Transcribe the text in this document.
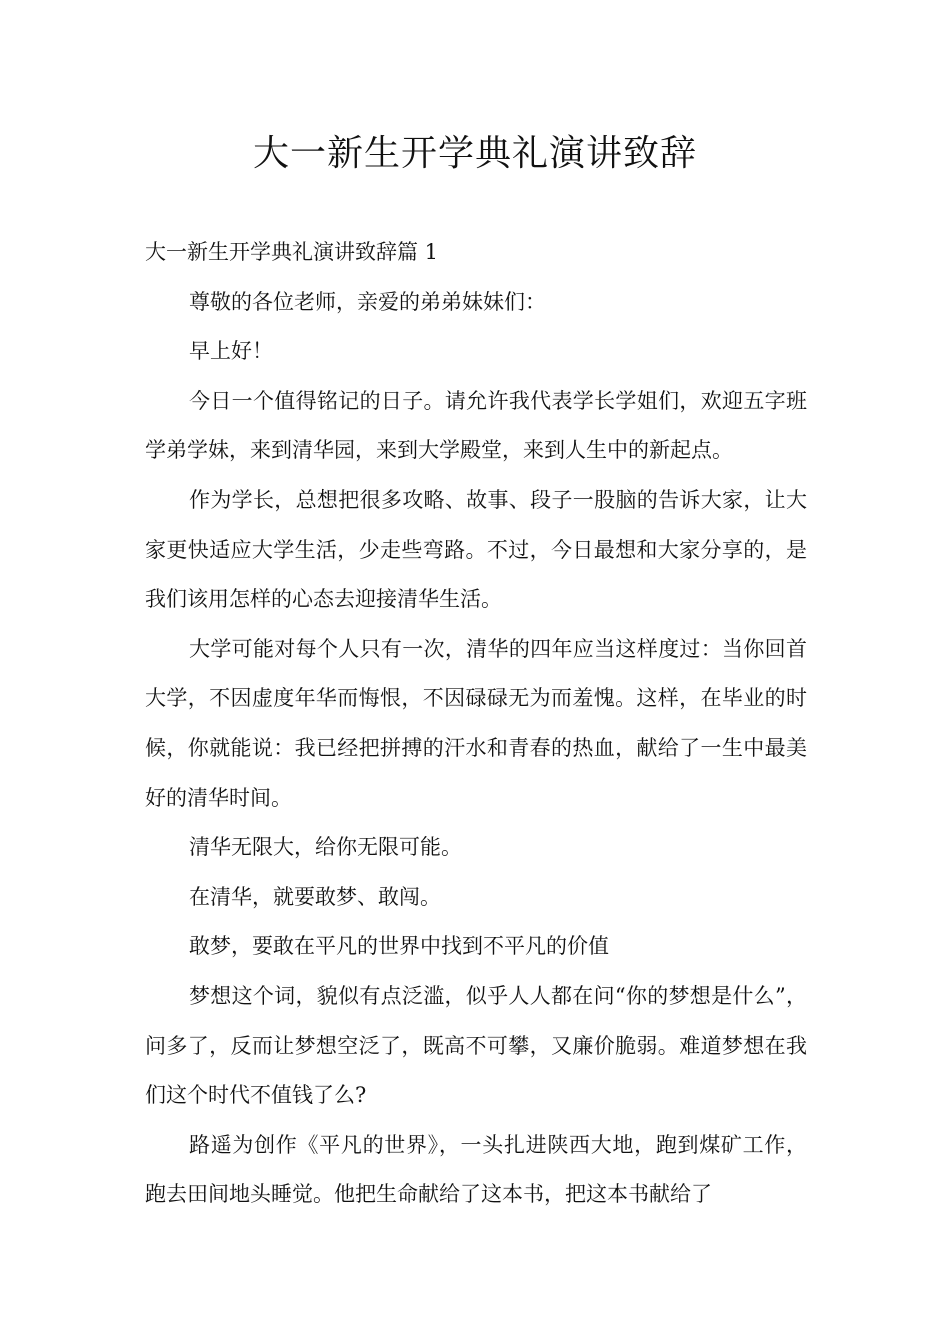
大一新生开学典礼演讲致辞

大一新生开学典礼演讲致辞篇 1

尊敬的各位老师，亲爱的弟弟妹妹们：

早上好！

今日一个值得铭记的日子。请允许我代表学长学姐们，欢迎五字班学弟学妹，来到清华园，来到大学殿堂，来到人生中的新起点。

作为学长，总想把很多攻略、故事、段子一股脑的告诉大家，让大家更快适应大学生活，少走些弯路。不过，今日最想和大家分享的，是我们该用怎样的心态去迎接清华生活。

大学可能对每个人只有一次，清华的四年应当这样度过：当你回首大学，不因虚度年华而悔恨，不因碌碌无为而羞愧。这样，在毕业的时候，你就能说：我已经把拼搏的汗水和青春的热血，献给了一生中最美好的清华时间。

清华无限大，给你无限可能。

在清华，就要敢梦、敢闯。

敢梦，要敢在平凡的世界中找到不平凡的价值

梦想这个词，貌似有点泛滥，似乎人人都在问“你的梦想是什么”，问多了，反而让梦想空泛了，既高不可攀，又廉价脆弱。难道梦想在我们这个时代不值钱了么?

路遥为创作《平凡的世界》，一头扎进陕西大地，跑到煤矿工作，跑去田间地头睡觉。他把生命献给了这本书，把这本书献给了
